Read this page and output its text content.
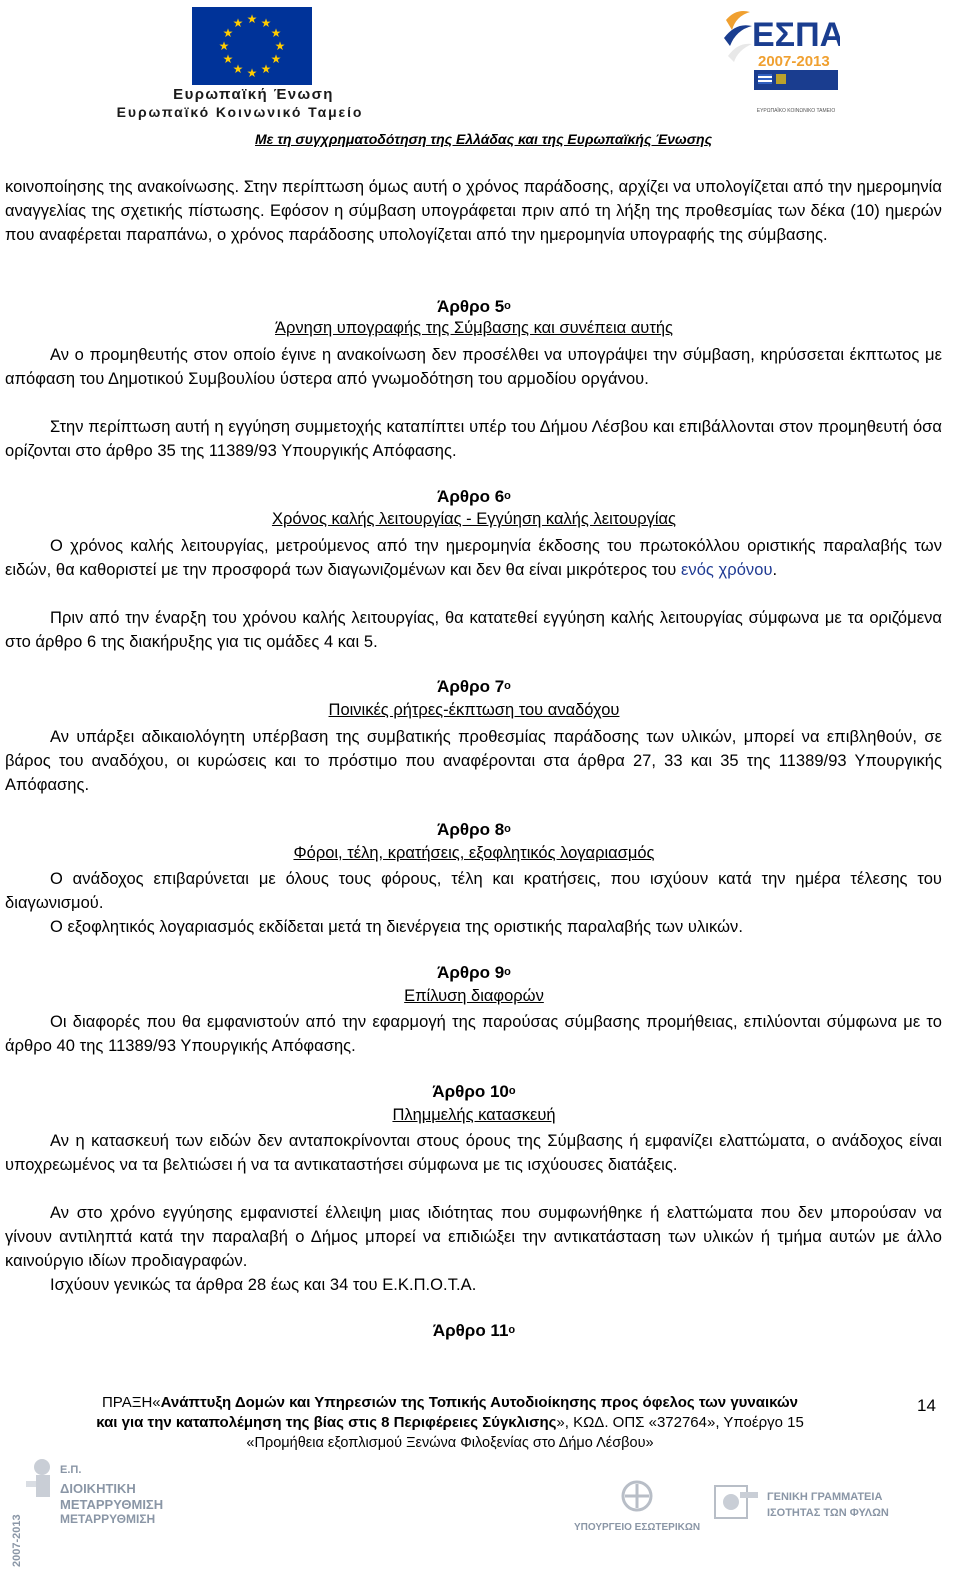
★ ★
★
★
★
★
★
★
★
★
★
★
Ευρωπαϊκή Ένωση
Ευρωπαϊκό Κοινωνικό Ταμείο
ΕΣΠΑ
2007-2013
ΕΥΡΩΠΑΪΚΟ ΚΟΙΝΩΝΙΚΟ ΤΑΜΕΙΟ
Με τη συγχρηματοδότηση της Ελλάδας και της Ευρωπαϊκής Ένωσης
κοινοποίησης της ανακοίνωσης. Στην περίπτωση όμως αυτή ο χρόνος παράδοσης, αρχίζει να υπολογίζεται από την ημερομηνία αναγγελίας της σχετικής πίστωσης. Εφόσον η σύμβαση υπογράφεται πριν από τη λήξη της προθεσμίας των δέκα (10) ημερών που αναφέρεται παραπάνω, ο χρόνος παράδοσης υπολογίζεται από την ημερομηνία υπογραφής της σύμβασης.
Άρθρο $5^o$
Άρνηση υπογραφής της Σύμβασης και συνέπεια αυτής
Αν ο προμηθευτής στον οποίο έγινε η ανακοίνωση δεν προσέλθει να υπογράψει την σύμβαση, κηρύσσεται έκπτωτος με απόφαση του Δημοτικού Συμβουλίου ύστερα από γνωμοδότηση του αρμοδίου οργάνου.
Στην περίπτωση αυτή η εγγύηση συμμετοχής καταπίπτει υπέρ του Δήμου Λέσβου και επιβάλλονται στον προμηθευτή όσα ορίζονται στο άρθρο 35 της 11389/93 Υπουργικής Απόφασης.
Άρθρο $6^o$
Χρόνος καλής λειτουργίας - Εγγύηση καλής λειτουργίας
Ο χρόνος καλής λειτουργίας, μετρούμενος από την ημερομηνία έκδοσης του πρωτοκόλλου οριστικής παραλαβής των ειδών, θα καθοριστεί με την προσφορά των διαγωνιζομένων και δεν θα είναι μικρότερος του ενός χρόνου.
Πριν από την έναρξη του χρόνου καλής λειτουργίας, θα κατατεθεί εγγύηση καλής λειτουργίας σύμφωνα με τα οριζόμενα στο άρθρο 6 της διακήρυξης για τις ομάδες 4 και 5.
Άρθρο $7^o$
Ποινικές ρήτρες-έκπτωση του αναδόχου
Αν υπάρξει αδικαιολόγητη υπέρβαση της συμβατικής προθεσμίας παράδοσης των υλικών, μπορεί να επιβληθούν, σε βάρος του αναδόχου, οι κυρώσεις και το πρόστιμο που αναφέρονται στα άρθρα 27, 33 και 35 της 11389/93 Υπουργικής Απόφασης.
Άρθρο $8^o$
Φόροι, τέλη, κρατήσεις, εξοφλητικός λογαριασμός
Ο ανάδοχος επιβαρύνεται με όλους τους φόρους, τέλη και κρατήσεις, που ισχύουν κατά την ημέρα τέλεσης του διαγωνισμού.
Ο εξοφλητικός λογαριασμός εκδίδεται μετά τη διενέργεια της οριστικής παραλαβής των υλικών.
Άρθρο $9^o$
Επίλυση διαφορών
Οι διαφορές που θα εμφανιστούν από την εφαρμογή της παρούσας σύμβασης προμήθειας, επιλύονται σύμφωνα με το άρθρο 40 της 11389/93 Υπουργικής Απόφασης.
Άρθρο $10^o$
Πλημμελής κατασκευή
Αν η κατασκευή των ειδών δεν ανταποκρίνονται στους όρους της Σύμβασης ή εμφανίζει ελαττώματα, ο ανάδοχος είναι υποχρεωμένος να τα βελτιώσει ή να τα αντικαταστήσει σύμφωνα με τις ισχύουσες διατάξεις.
Αν στο χρόνο εγγύησης εμφανιστεί έλλειψη μιας ιδιότητας που συμφωνήθηκε ή ελαττώματα που δεν μπορούσαν να γίνουν αντιληπτά κατά την παραλαβή ο Δήμος μπορεί να επιδιώξει την αντικατάσταση των υλικών ή τμήμα αυτών με άλλο καινούργιο ιδίων προδιαγραφών.
Ισχύουν γενικώς τα άρθρα 28 έως και 34 του Ε.Κ.Π.Ο.Τ.Α.
Άρθρο $11^o$
ΠΡΑΞΗ«Ανάπτυξη Δομών και Υπηρεσιών της Τοπικής Αυτοδιοίκησης προς όφελος των γυναικών
και για την καταπολέμηση της βίας στις 8 Περιφέρειες Σύγκλισης», ΚΩΔ. ΟΠΣ «372764», Υποέργο 15
«Προμήθεια εξοπλισμού Ξενώνα Φιλοξενίας στο Δήμο Λέσβου»
14
Ε.Π.
ΔΙΟΙΚΗΤΙΚΗ
ΜΕΤΑΡΡΥΘΜΙΣΗ
ΜΕΤΑΡΡΥΘΜΙΣΗ
2007-2013	ΥΠΟΥΡΓΕΙΟ ΕΣΩΤΕΡΙΚΩΝ
ΓΕΝΙΚΗ ΓΡΑΜΜΑΤΕΙΑ
ΙΣΟΤΗΤΑΣ ΤΩΝ ΦΥΛΩΝ
